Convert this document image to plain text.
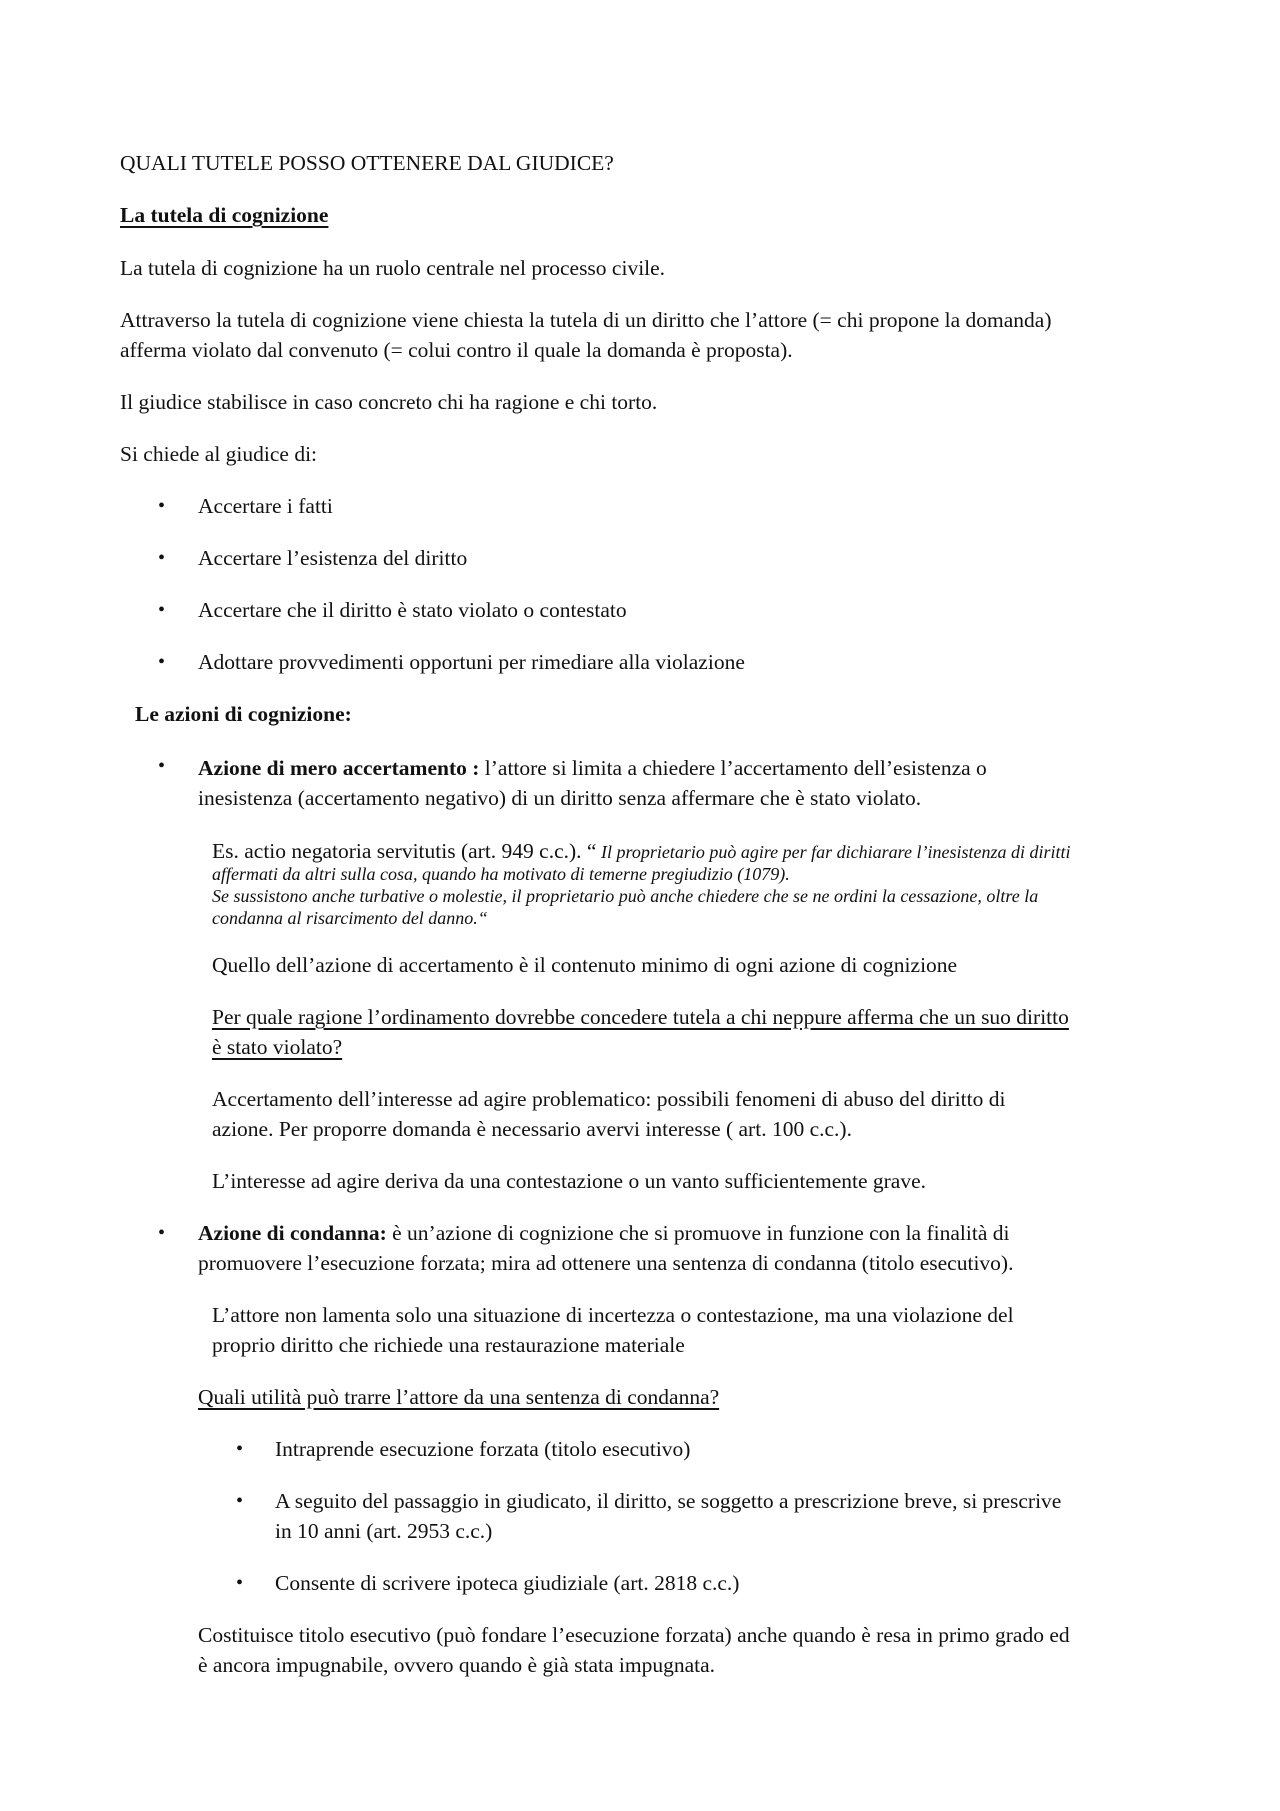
QUALI TUTELE POSSO OTTENERE DAL GIUDICE?
La tutela di cognizione
La tutela di cognizione ha un ruolo centrale nel processo civile.
Attraverso la tutela di cognizione viene chiesta la tutela di un diritto che l’attore (= chi propone la domanda)
afferma violato dal convenuto (= colui contro il quale la domanda è proposta).
Il giudice stabilisce in caso concreto chi ha ragione e chi torto.
Si chiede al giudice di:
• Accertare i fatti
• Accertare l’esistenza del diritto
• Accertare che il diritto è stato violato o contestato
• Adottare provvedimenti opportuni per rimediare alla violazione
Le azioni di cognizione:
• Azione di mero accertamento : l’attore si limita a chiedere l’accertamento dell’esistenza o
inesistenza (accertamento negativo) di un diritto senza affermare che è stato violato.
Es. actio negatoria servitutis (art. 949 c.c.). “ Il proprietario può agire per far dichiarare l’inesistenza di diritti
affermati da altri sulla cosa, quando ha motivato di temerne pregiudizio (1079).
Se sussistono anche turbative o molestie, il proprietario può anche chiedere che se ne ordini la cessazione, oltre la
condanna al risarcimento del danno.“
Quello dell’azione di accertamento è il contenuto minimo di ogni azione di cognizione
Per quale ragione l’ordinamento dovrebbe concedere tutela a chi neppure afferma che un suo diritto
è stato violato?
Accertamento dell’interesse ad agire problematico: possibili fenomeni di abuso del diritto di
azione. Per proporre domanda è necessario avervi interesse ( art. 100 c.c.).
L’interesse ad agire deriva da una contestazione o un vanto sufficientemente grave.
• Azione di condanna: è un’azione di cognizione che si promuove in funzione con la finalità di
promuovere l’esecuzione forzata; mira ad ottenere una sentenza di condanna (titolo esecutivo).
L’attore non lamenta solo una situazione di incertezza o contestazione, ma una violazione del
proprio diritto che richiede una restaurazione materiale
Quali utilità può trarre l’attore da una sentenza di condanna?
• Intraprende esecuzione forzata (titolo esecutivo)
• A seguito del passaggio in giudicato, il diritto, se soggetto a prescrizione breve, si prescrive
in 10 anni (art. 2953 c.c.)
• Consente di scrivere ipoteca giudiziale (art. 2818 c.c.)
Costituisce titolo esecutivo (può fondare l’esecuzione forzata) anche quando è resa in primo grado ed
è ancora impugnabile, ovvero quando è già stata impugnata.
